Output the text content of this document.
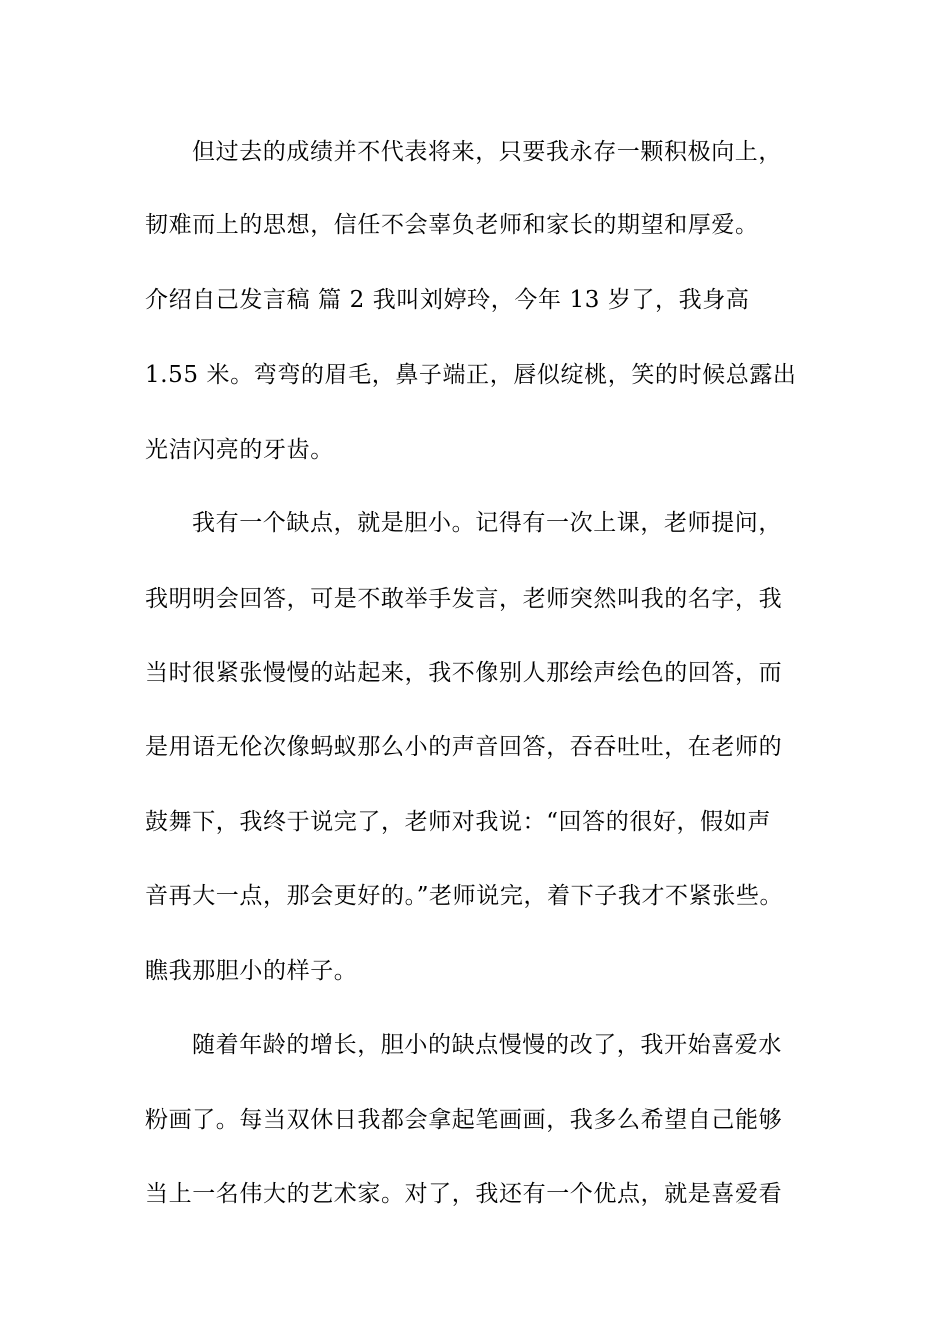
但过去的成绩并不代表将来，只要我永存一颗积极向上，
韧难而上的思想，信任不会辜负老师和家长的期望和厚爱。
介绍自己发言稿 篇 2 我叫刘婷玲，今年 13 岁了，我身高
1.55 米。弯弯的眉毛，鼻子端正，唇似绽桃，笑的时候总露出
光洁闪亮的牙齿。
我有一个缺点，就是胆小。记得有一次上课，老师提问，
我明明会回答，可是不敢举手发言，老师突然叫我的名字，我
当时很紧张慢慢的站起来，我不像别人那绘声绘色的回答，而
是用语无伦次像蚂蚁那么小的声音回答，吞吞吐吐，在老师的
鼓舞下，我终于说完了，老师对我说：“回答的很好，假如声
音再大一点，那会更好的。”老师说完，着下子我才不紧张些。
瞧我那胆小的样子。
随着年龄的增长，胆小的缺点慢慢的改了，我开始喜爱水
粉画了。每当双休日我都会拿起笔画画，我多么希望自己能够
当上一名伟大的艺术家。对了，我还有一个优点，就是喜爱看
